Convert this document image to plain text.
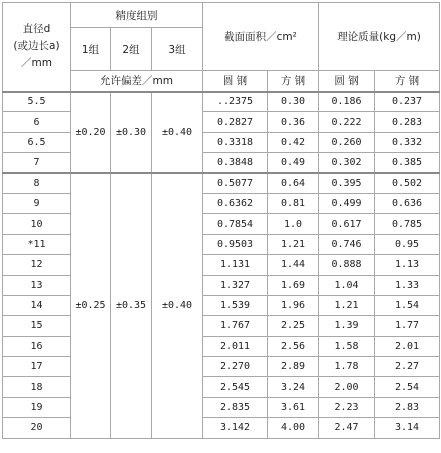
直径d
(或边长a)
／mm	精度组别			截面面积／cm²		理论质量(kg／m)	
	1组	2组	3组				
	允许偏差／mm			圆 钢	方 钢	圆 钢	方 钢
5.5	±0.20	±0.30	±0.40	..2375	0.30	0.186	0.237
6				0.2827	0.36	0.222	0.283
6.5				0.3318	0.42	0.260	0.332
7				0.3848	0.49	0.302	0.385
8	±0.25	±0.35	±0.40	0.5077	0.64	0.395	0.502
9				0.6362	0.81	0.499	0.636
10				0.7854	1.0	0.617	0.785
*11				0.9503	1.21	0.746	0.95
12				1.131	1.44	0.888	1.13
13				1.327	1.69	1.04	1.33
14				1.539	1.96	1.21	1.54
15				1.767	2.25	1.39	1.77
16				2.011	2.56	1.58	2.01
17				2.270	2.89	1.78	2.27
18				2.545	3.24	2.00	2.54
19				2.835	3.61	2.23	2.83
20				3.142	4.00	2.47	3.14
